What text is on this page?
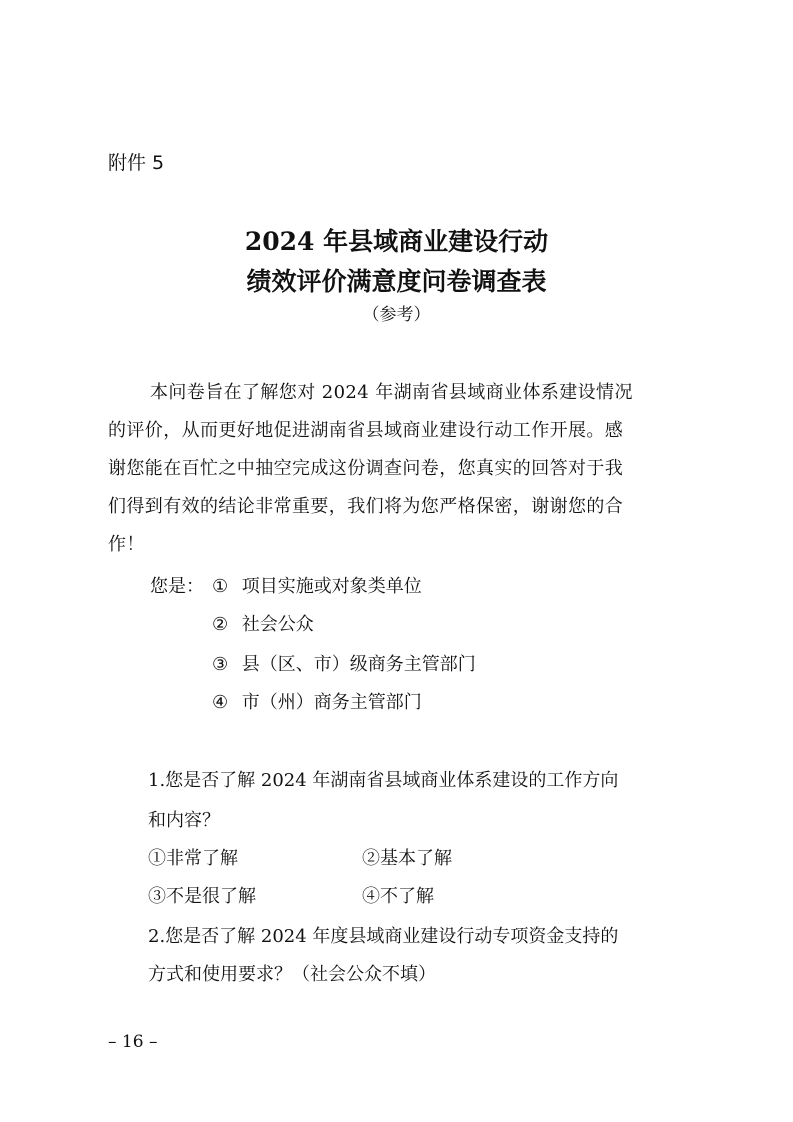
附件 5
2024 年县域商业建设行动
绩效评价满意度问卷调查表
（参考）
本问卷旨在了解您对 2024 年湖南省县域商业体系建设情况
的评价，从而更好地促进湖南省县域商业建设行动工作开展。感
谢您能在百忙之中抽空完成这份调查问卷，您真实的回答对于我
们得到有效的结论非常重要，我们将为您严格保密，谢谢您的合
作！
您是： ① 项目实施或对象类单位
② 社会公众
③ 县（区、市）级商务主管部门
④ 市（州）商务主管部门
1.您是否了解 2024 年湖南省县域商业体系建设的工作方向
和内容？
①非常了解	②基本了解
③不是很了解	④不了解
2.您是否了解 2024 年度县域商业建设行动专项资金支持的
方式和使用要求？（社会公众不填）
– 16 –
